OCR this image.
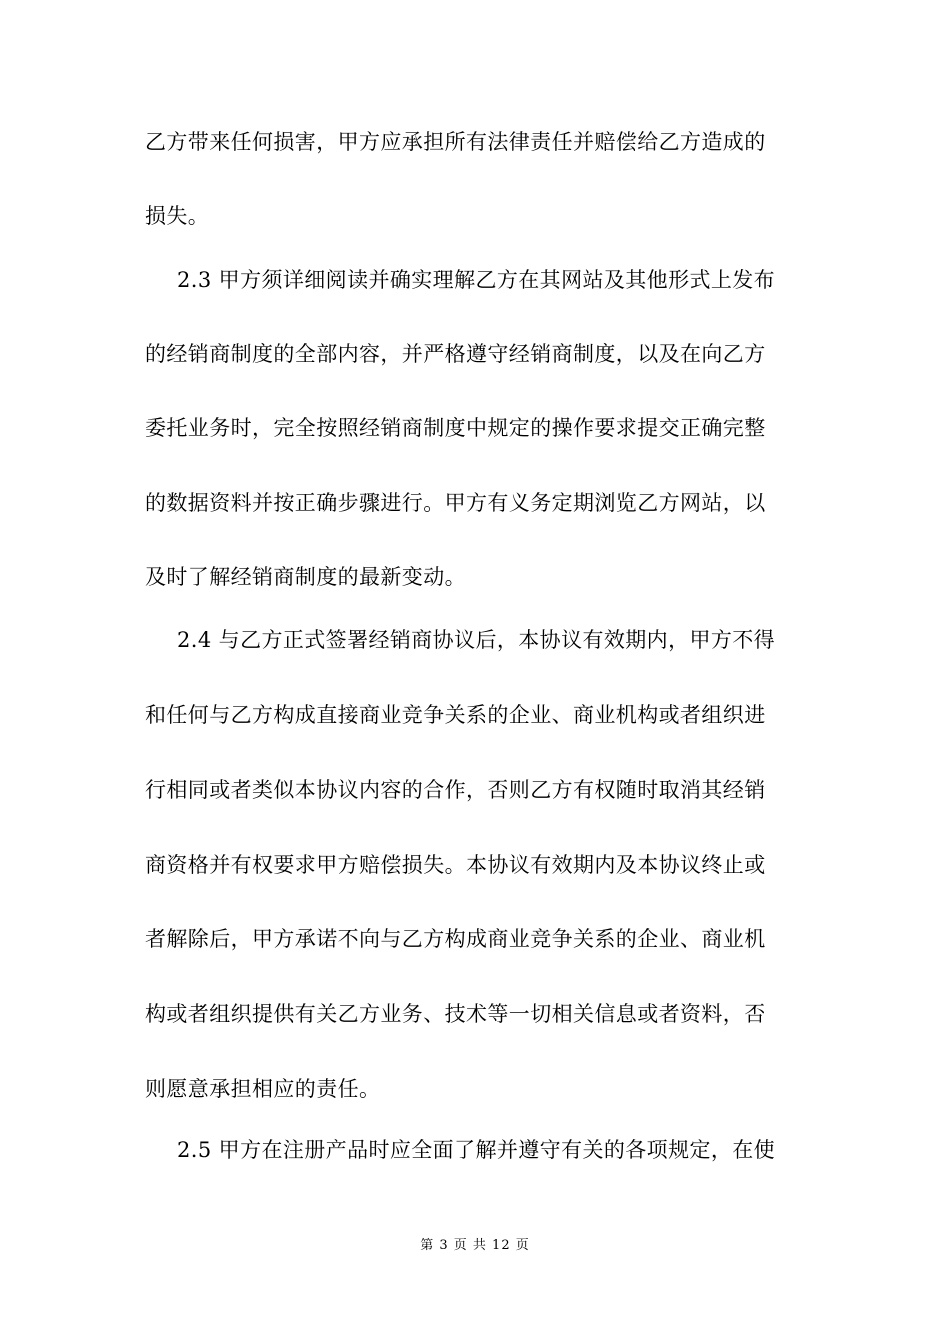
乙方带来任何损害，甲方应承担所有法律责任并赔偿给乙方造成的
损失。
2.3 甲方须详细阅读并确实理解乙方在其网站及其他形式上发布
的经销商制度的全部内容，并严格遵守经销商制度，以及在向乙方
委托业务时，完全按照经销商制度中规定的操作要求提交正确完整
的数据资料并按正确步骤进行。甲方有义务定期浏览乙方网站，以
及时了解经销商制度的最新变动。
2.4 与乙方正式签署经销商协议后，本协议有效期内，甲方不得
和任何与乙方构成直接商业竞争关系的企业、商业机构或者组织进
行相同或者类似本协议内容的合作，否则乙方有权随时取消其经销
商资格并有权要求甲方赔偿损失。本协议有效期内及本协议终止或
者解除后，甲方承诺不向与乙方构成商业竞争关系的企业、商业机
构或者组织提供有关乙方业务、技术等一切相关信息或者资料，否
则愿意承担相应的责任。
2.5 甲方在注册产品时应全面了解并遵守有关的各项规定，在使
第 3 页 共 12 页
